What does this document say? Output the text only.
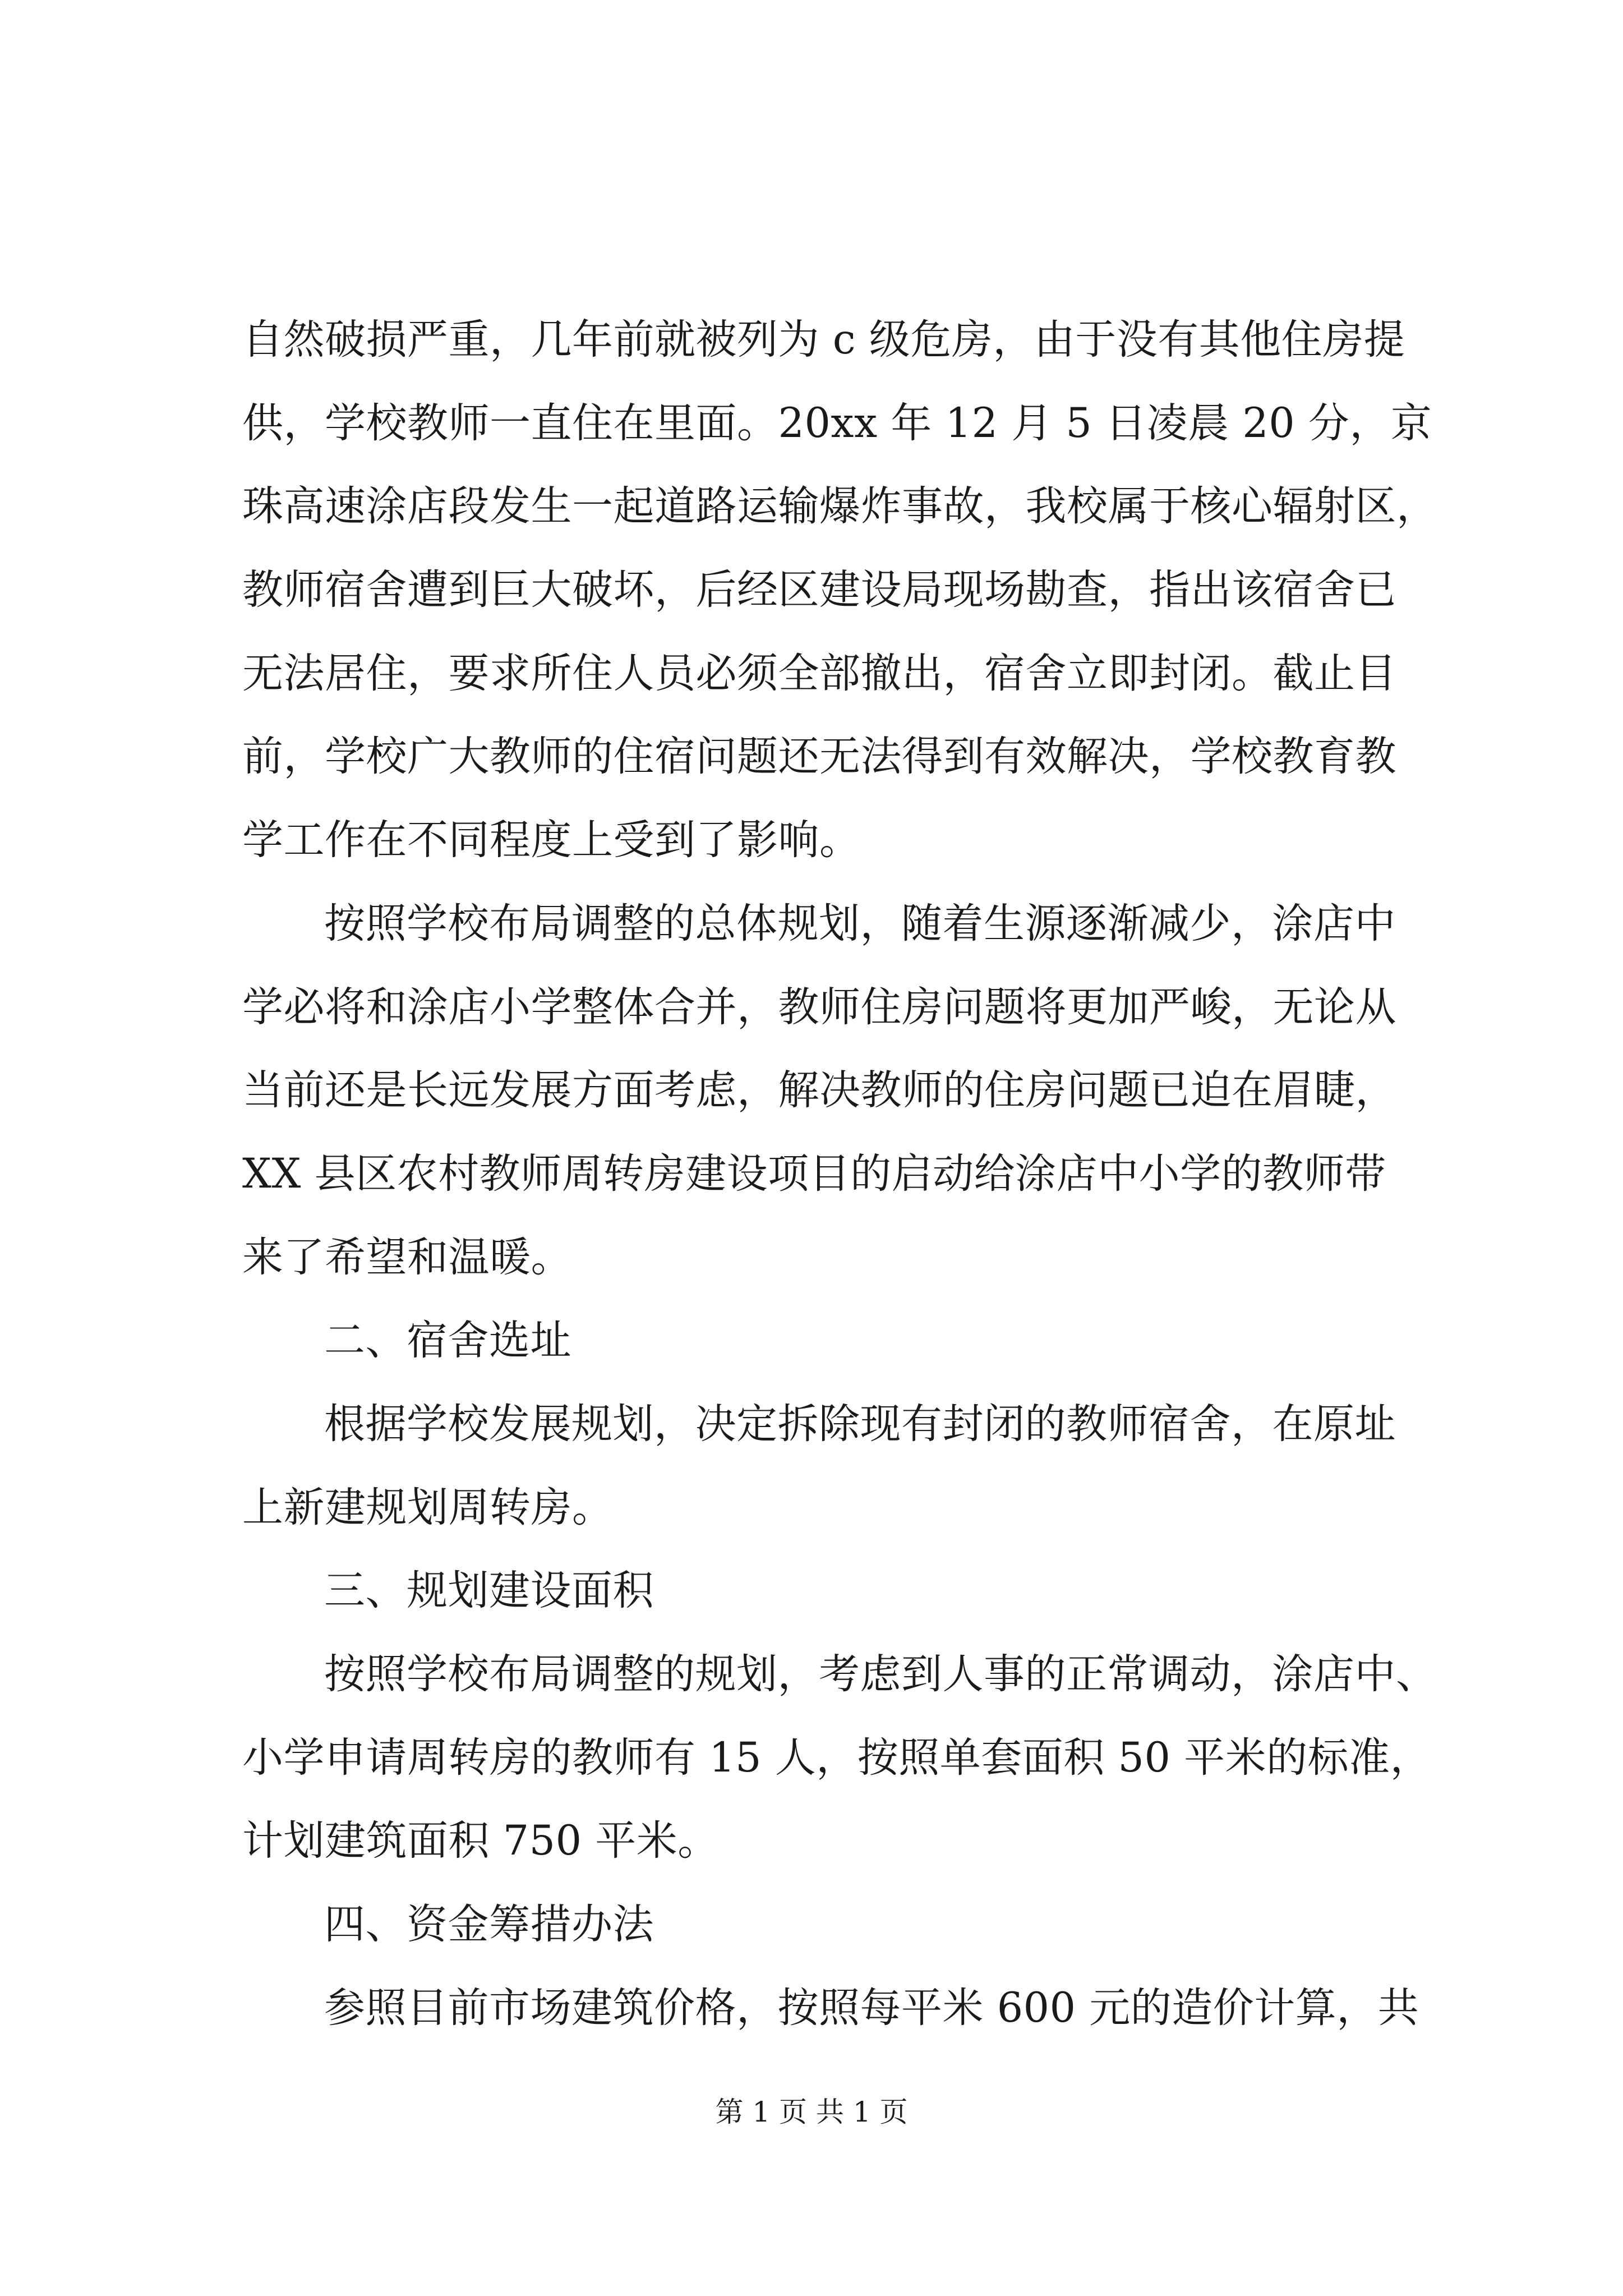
自然破损严重，几年前就被列为 c 级危房，由于没有其他住房提
供，学校教师一直住在里面。20xx 年 12 月 5 日凌晨 20 分，京
珠高速涂店段发生一起道路运输爆炸事故，我校属于核心辐射区，
教师宿舍遭到巨大破坏，后经区建设局现场勘查，指出该宿舍已
无法居住，要求所住人员必须全部撤出，宿舍立即封闭。截止目
前，学校广大教师的住宿问题还无法得到有效解决，学校教育教
学工作在不同程度上受到了影响。
按照学校布局调整的总体规划，随着生源逐渐减少，涂店中
学必将和涂店小学整体合并，教师住房问题将更加严峻，无论从
当前还是长远发展方面考虑，解决教师的住房问题已迫在眉睫，
XX 县区农村教师周转房建设项目的启动给涂店中小学的教师带
来了希望和温暖。
二、宿舍选址
根据学校发展规划，决定拆除现有封闭的教师宿舍，在原址
上新建规划周转房。
三、规划建设面积
按照学校布局调整的规划，考虑到人事的正常调动，涂店中、
小学申请周转房的教师有 15 人，按照单套面积 50 平米的标准，
计划建筑面积 750 平米。
四、资金筹措办法
参照目前市场建筑价格，按照每平米 600 元的造价计算，共
第 1 页 共 1 页
